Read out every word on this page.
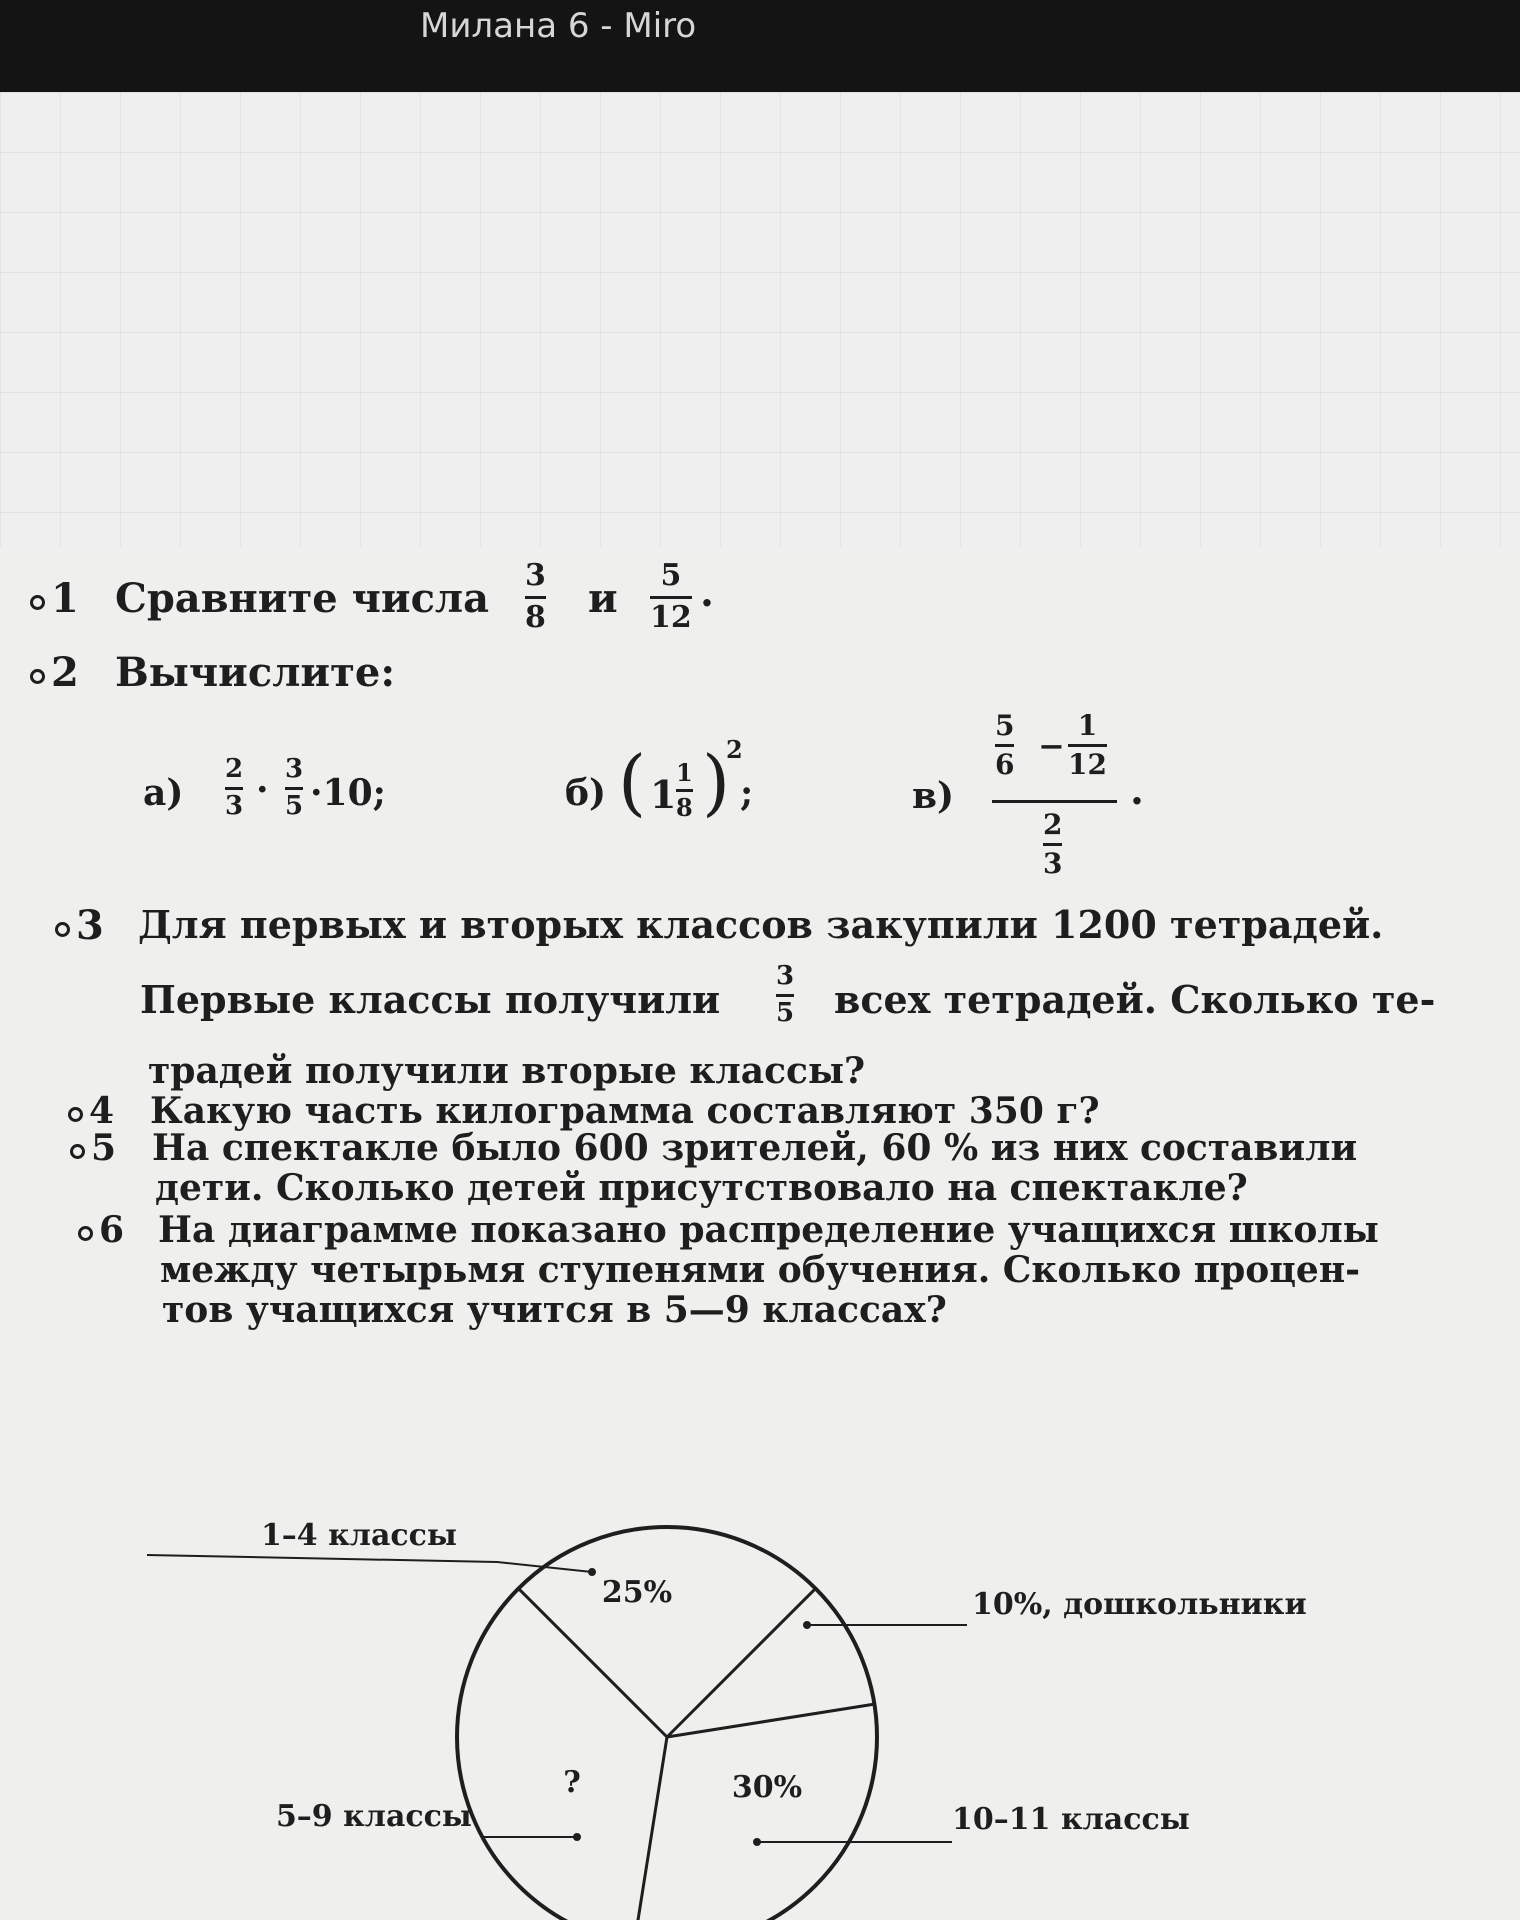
Милана 6 - Miro
1 Сравните числа 3
8 и 5
12
.
2 Вычислите:
а)
2
3 · 3
5 ·10;	б) ( 1 1
8 )
2
;	в)
5
6 −
1
12
2
3
.
3 Для первых и вторых классов закупили 1200 тетрадей.
Первые классы получили
3
5 всех тетрадей. Сколько те-
традей получили вторые классы?
4 Какую часть килограмма составляют 350 г?
5 На спектакле было 600 зрителей, 60 % из них составили
дети. Сколько детей присутствовало на спектакле?
6 На диаграмме показано распределение учащихся школы
между четырьмя ступенями обучения. Сколько процен-
тов учащихся учится в 5—9 классах?
25%
1–4 классы
10%, дошкольники
30%
10–11 классы
?
5–9 классы
